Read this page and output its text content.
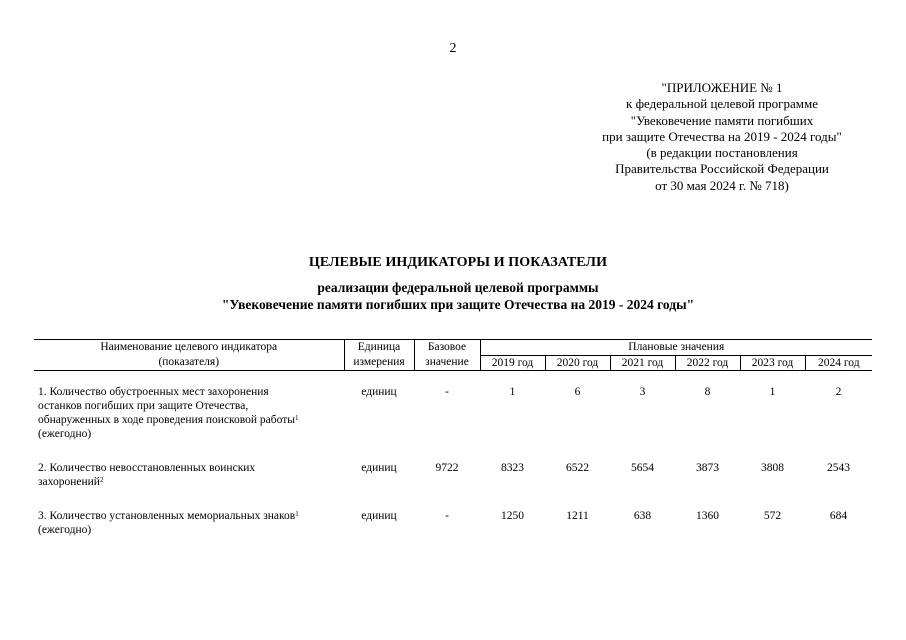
2
"ПРИЛОЖЕНИЕ № 1
к федеральной целевой программе
"Увековечение памяти погибших
при защите Отечества на 2019 - 2024 годы"
(в редакции постановления
Правительства Российской Федерации
от 30 мая 2024 г. № 718)
ЦЕЛЕВЫЕ ИНДИКАТОРЫ И ПОКАЗАТЕЛИ
реализации федеральной целевой программы
"Увековечение памяти погибших при защите Отечества на 2019 - 2024 годы"
Наименование целевого индикатора	Единица	Базовое	Плановые значения					
(показателя)	измерения	значение	2019 год	2020 год	2021 год	2022 год	2023 год	2024 год

1. Количество обустроенных мест захоронения
останков погибших при защите Отечества,
обнаруженных в ходе проведения поисковой работы$^1$
(ежегодно)	единиц	-	1	6	3	8	1	2

2. Количество невосстановленных воинских
захоронений$^2$	единиц	9722	8323	6522	5654	3873	3808	2543

3. Количество установленных мемориальных знаков$^1$
(ежегодно)	единиц	-	1250	1211	638	1360	572	684
